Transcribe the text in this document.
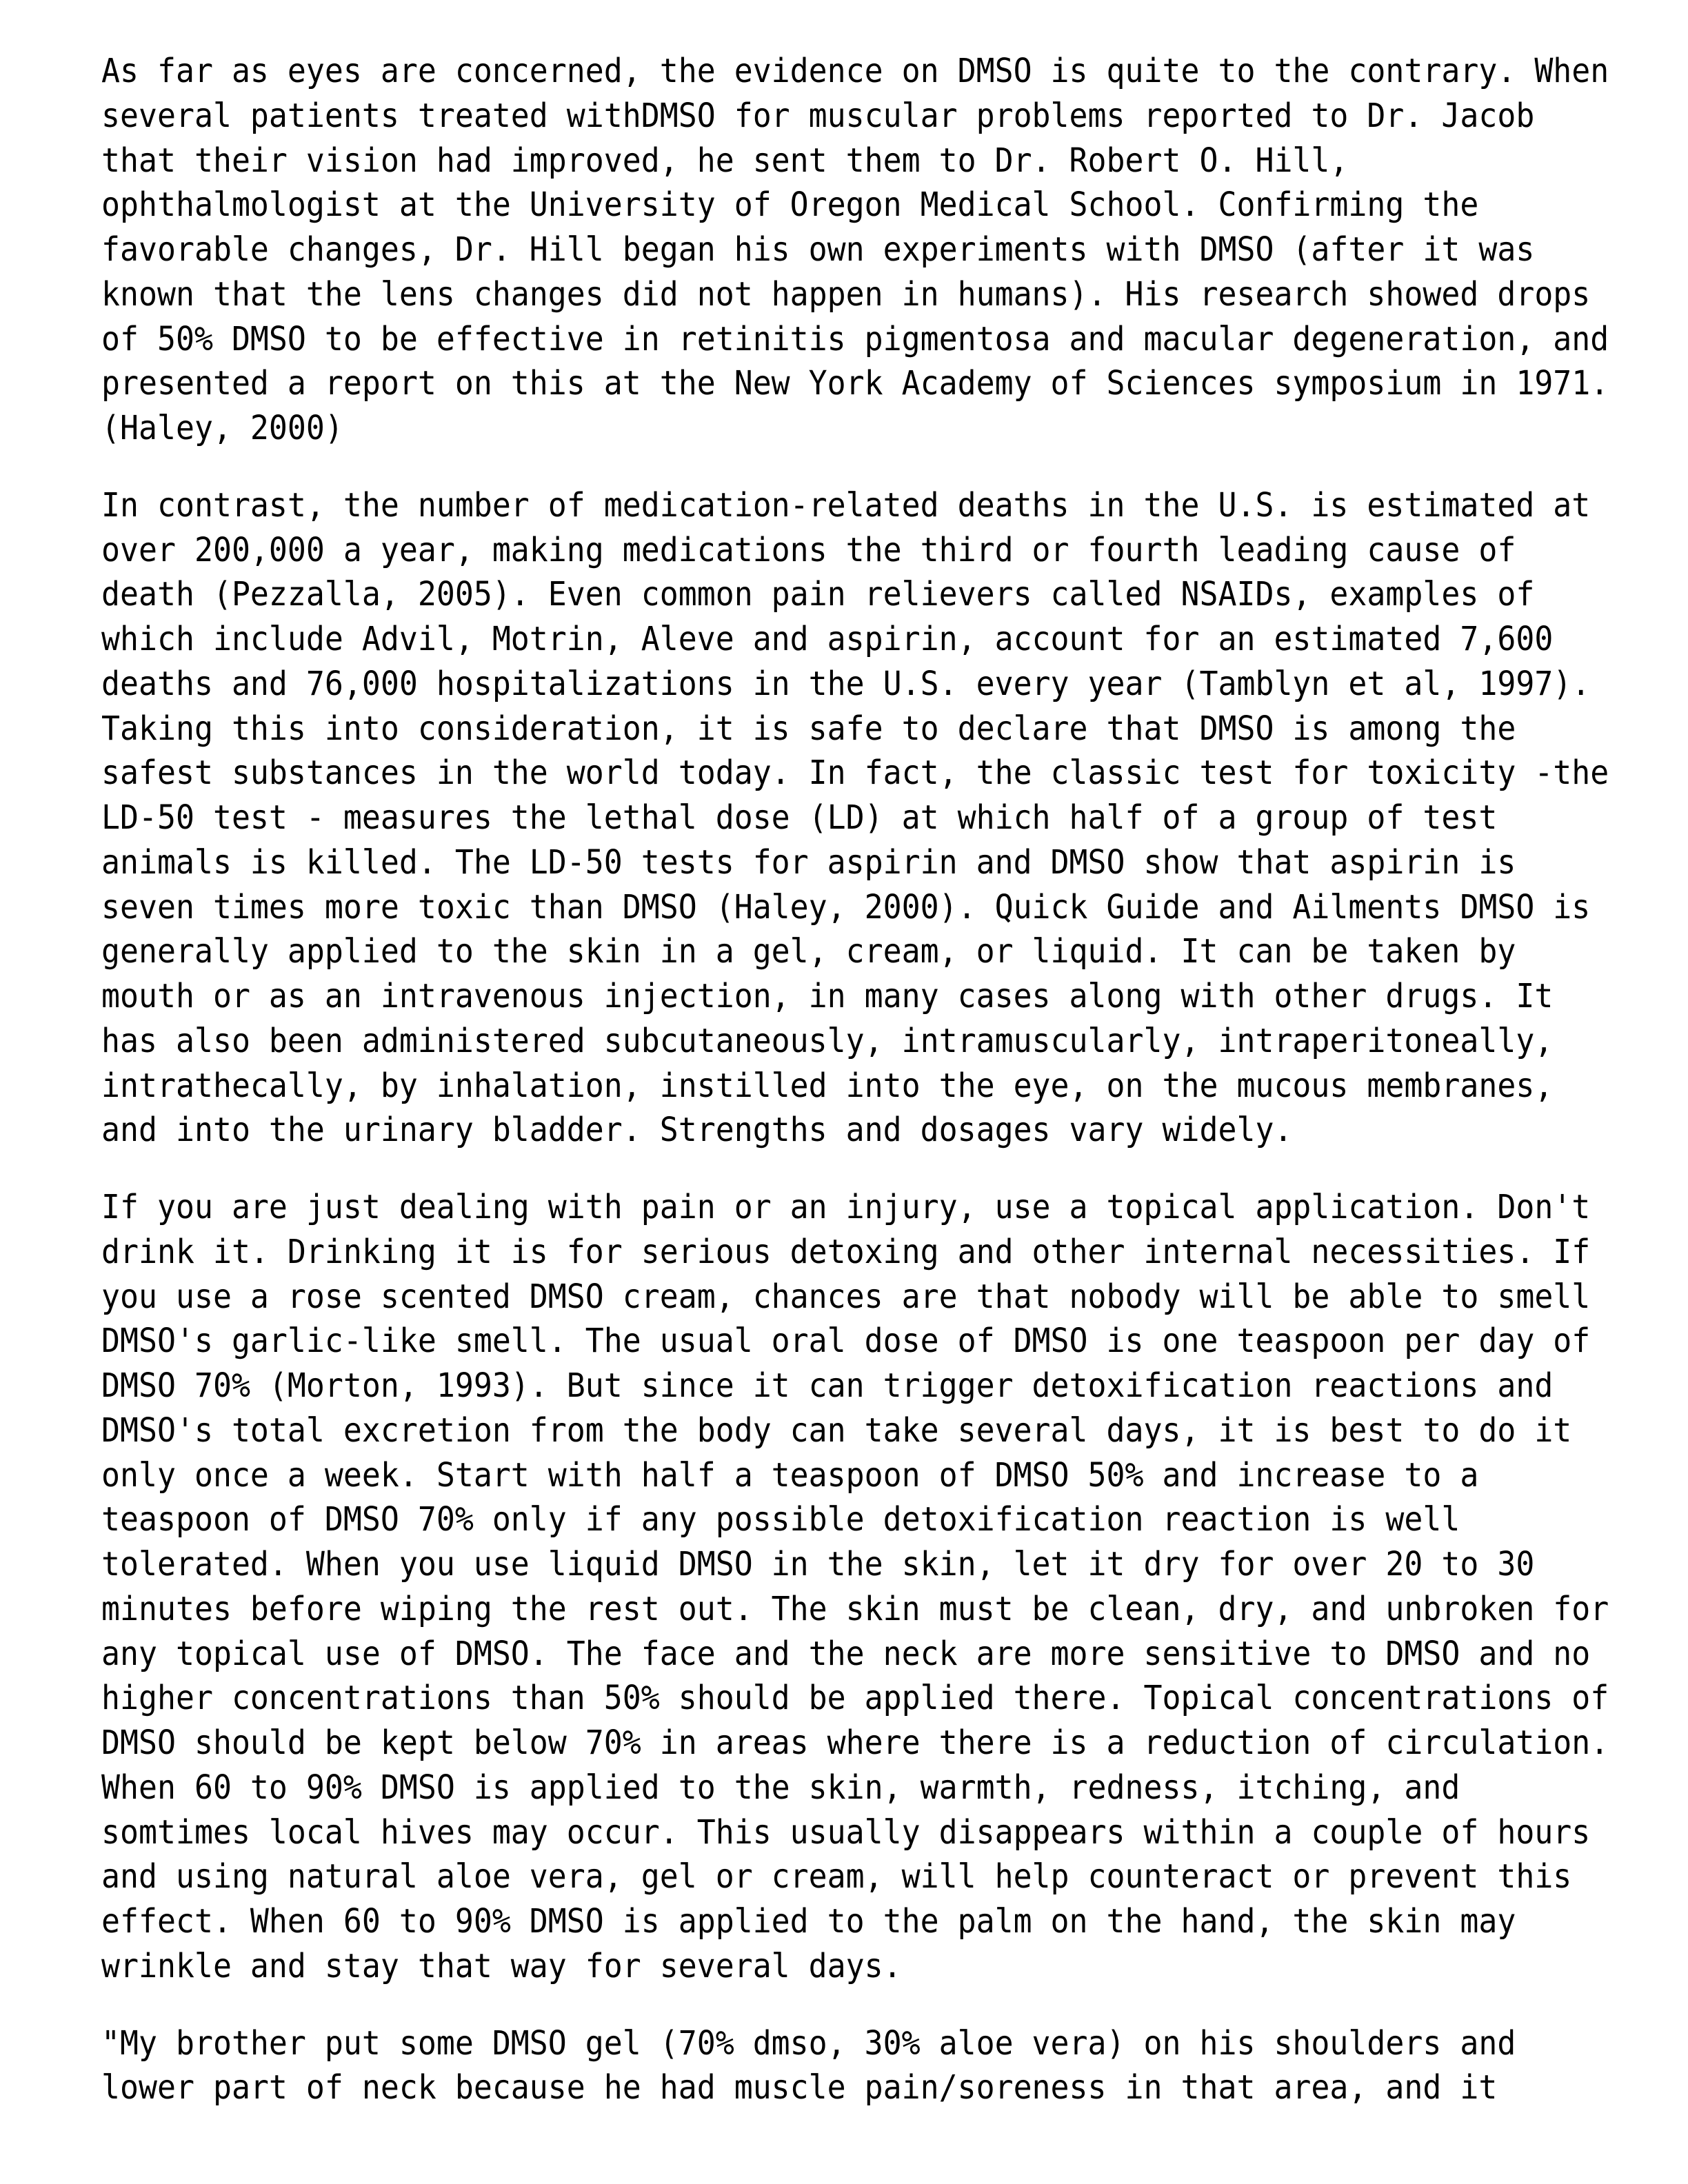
As far as eyes are concerned, the evidence on DMSO is quite to the contrary. When
several patients treated withDMSO for muscular problems reported to Dr. Jacob
that their vision had improved, he sent them to Dr. Robert O. Hill,
ophthalmologist at the University of Oregon Medical School. Confirming the
favorable changes, Dr. Hill began his own experiments with DMSO (after it was
known that the lens changes did not happen in humans). His research showed drops
of 50% DMSO to be effective in retinitis pigmentosa and macular degeneration, and
presented a report on this at the New York Academy of Sciences symposium in 1971.
(Haley, 2000)

In contrast, the number of medication-related deaths in the U.S. is estimated at
over 200,000 a year, making medications the third or fourth leading cause of
death (Pezzalla, 2005). Even common pain relievers called NSAIDs, examples of
which include Advil, Motrin, Aleve and aspirin, account for an estimated 7,600
deaths and 76,000 hospitalizations in the U.S. every year (Tamblyn et al, 1997).
Taking this into consideration, it is safe to declare that DMSO is among the
safest substances in the world today. In fact, the classic test for toxicity -the
LD-50 test - measures the lethal dose (LD) at which half of a group of test
animals is killed. The LD-50 tests for aspirin and DMSO show that aspirin is
seven times more toxic than DMSO (Haley, 2000). Quick Guide and Ailments DMSO is
generally applied to the skin in a gel, cream, or liquid. It can be taken by
mouth or as an intravenous injection, in many cases along with other drugs. It
has also been administered subcutaneously, intramuscularly, intraperitoneally,
intrathecally, by inhalation, instilled into the eye, on the mucous membranes,
and into the urinary bladder. Strengths and dosages vary widely.

If you are just dealing with pain or an injury, use a topical application. Don't
drink it. Drinking it is for serious detoxing and other internal necessities. If
you use a rose scented DMSO cream, chances are that nobody will be able to smell
DMSO's garlic-like smell. The usual oral dose of DMSO is one teaspoon per day of
DMSO 70% (Morton, 1993). But since it can trigger detoxification reactions and
DMSO's total excretion from the body can take several days, it is best to do it
only once a week. Start with half a teaspoon of DMSO 50% and increase to a
teaspoon of DMSO 70% only if any possible detoxification reaction is well
tolerated. When you use liquid DMSO in the skin, let it dry for over 20 to 30
minutes before wiping the rest out. The skin must be clean, dry, and unbroken for
any topical use of DMSO. The face and the neck are more sensitive to DMSO and no
higher concentrations than 50% should be applied there. Topical concentrations of
DMSO should be kept below 70% in areas where there is a reduction of circulation.
When 60 to 90% DMSO is applied to the skin, warmth, redness, itching, and
somtimes local hives may occur. This usually disappears within a couple of hours
and using natural aloe vera, gel or cream, will help counteract or prevent this
effect. When 60 to 90% DMSO is applied to the palm on the hand, the skin may
wrinkle and stay that way for several days.

"My brother put some DMSO gel (70% dmso, 30% aloe vera) on his shoulders and
lower part of neck because he had muscle pain/soreness in that area, and it
